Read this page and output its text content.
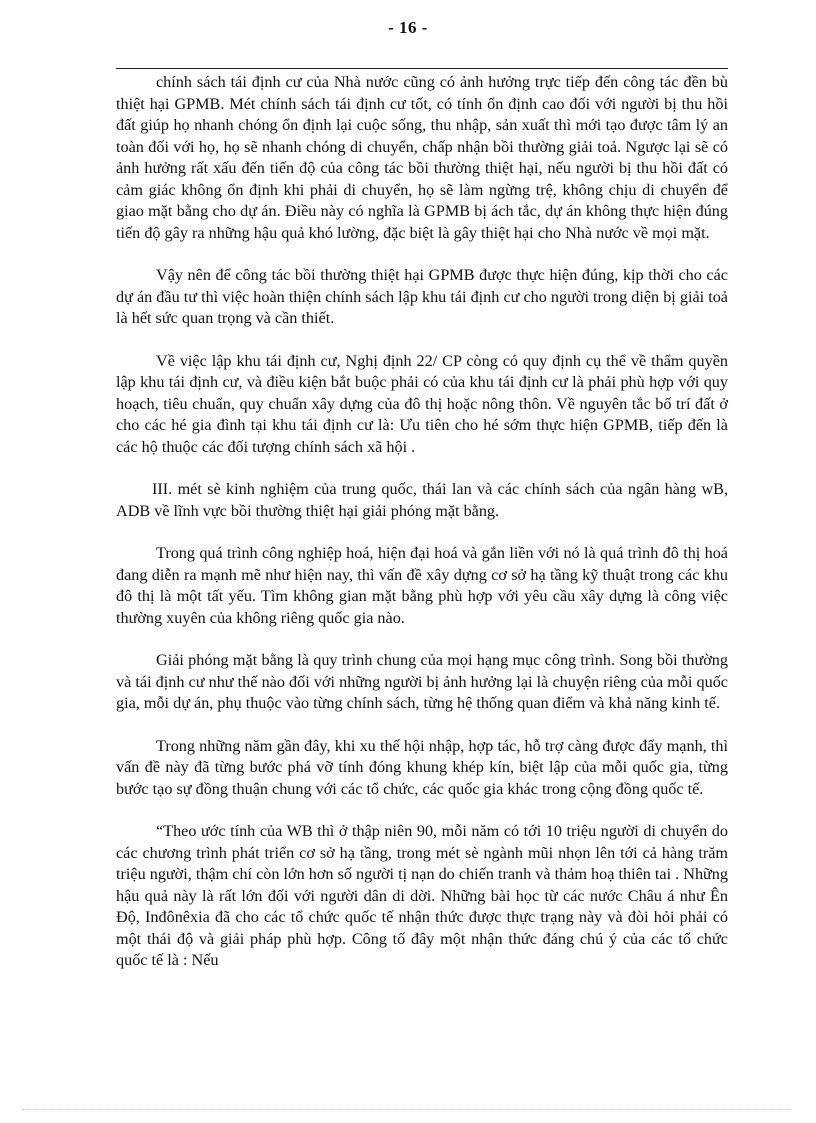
- 16 -

chính sách tái định cư của Nhà nước cũng có ảnh hưởng trực tiếp đến công tác đền bù thiệt hại GPMB. Mét chính sách tái định cư tốt, có tính ổn định cao đối với người bị thu hồi đất giúp họ nhanh chóng ổn định lại cuộc sống, thu nhập, sản xuất thì mới tạo được tâm lý an toàn đối với họ, họ sẽ nhanh chóng di chuyển, chấp nhận bồi thường giải toả. Ngược lại sẽ có ảnh hưởng rất xấu đến tiến độ của công tác bồi thường thiệt hại, nếu người bị thu hồi đất có cảm giác không ổn định khi phải di chuyển, họ sẽ làm ngừng trệ, không chịu di chuyển để giao mặt bằng cho dự án. Điều này có nghĩa là GPMB bị ách tắc, dự án không thực hiện đúng tiến độ gây ra những hậu quả khó lường, đặc biệt là gây thiệt hại cho Nhà nước về mọi mặt.

Vậy nên để công tác bồi thường thiệt hại GPMB được thực hiện đúng, kịp thời cho các dự án đầu tư thì việc hoàn thiện chính sách lập khu tái định cư cho người trong diện bị giải toả là hết sức quan trọng và cần thiết.

Về việc lập khu tái định cư, Nghị định 22/ CP còng có quy định cụ thể về thẩm quyền lập khu tái định cư, và điều kiện bắt buộc phải có của khu tái định cư là phải phù hợp với quy hoạch, tiêu chuẩn, quy chuẩn xây dựng của đô thị hoặc nông thôn. Về nguyên tắc bố trí đất ở cho các hé gia đình tại khu tái định cư là: Ưu tiên cho hé sớm thực hiện GPMB, tiếp đến là các hộ thuộc các đối tượng chính sách xã hội .

III. mét sè kinh nghiệm của trung quốc, thái lan và các chính sách của ngân hàng wB, ADB về lĩnh vực bồi thường thiệt hại giải phóng mặt bằng.

Trong quá trình công nghiệp hoá, hiện đại hoá và gắn liền với nó là quá trình đô thị hoá đang diễn ra mạnh mẽ như hiện nay, thì vấn đề xây dựng cơ sở hạ tầng kỹ thuật trong các khu đô thị là một tất yếu. Tìm không gian mặt bằng phù hợp với yêu cầu xây dựng là công việc thường xuyên của không riêng quốc gia nào.

Giải phóng mặt bằng là quy trình chung của mọi hạng mục công trình. Song bồi thường và tái định cư như thế nào đối với những người bị ảnh hưởng lại là chuyện riêng của mỗi quốc gia, mỗi dự án, phụ thuộc vào từng chính sách, từng hệ thống quan điểm và khả năng kinh tế.

Trong những năm gần đây, khi xu thế hội nhập, hợp tác, hỗ trợ càng được đẩy mạnh, thì vấn đề này đã từng bước phá vỡ tính đóng khung khép kín, biệt lập của mỗi quốc gia, từng bước tạo sự đồng thuận chung với các tổ chức, các quốc gia khác trong cộng đồng quốc tế.

“Theo ước tính của WB thì ở thập niên 90, mỗi năm có tới 10 triệu người di chuyển do các chương trình phát triển cơ sở hạ tầng, trong mét sè ngành mũi nhọn lên tới cả hàng trăm triệu người, thậm chí còn lớn hơn số người tị nạn do chiến tranh và thảm hoạ thiên tai . Những hậu quả này là rất lớn đối với người dân di dời. Những bài học từ các nước Châu á như Ên Độ, Inđônêxia đã cho các tổ chức quốc tế nhận thức được thực trạng này và đòi hỏi phải có một thái độ và giải pháp phù hợp. Công tố đây một nhận thức đáng chú ý của các tổ chức quốc tế là : Nếu
